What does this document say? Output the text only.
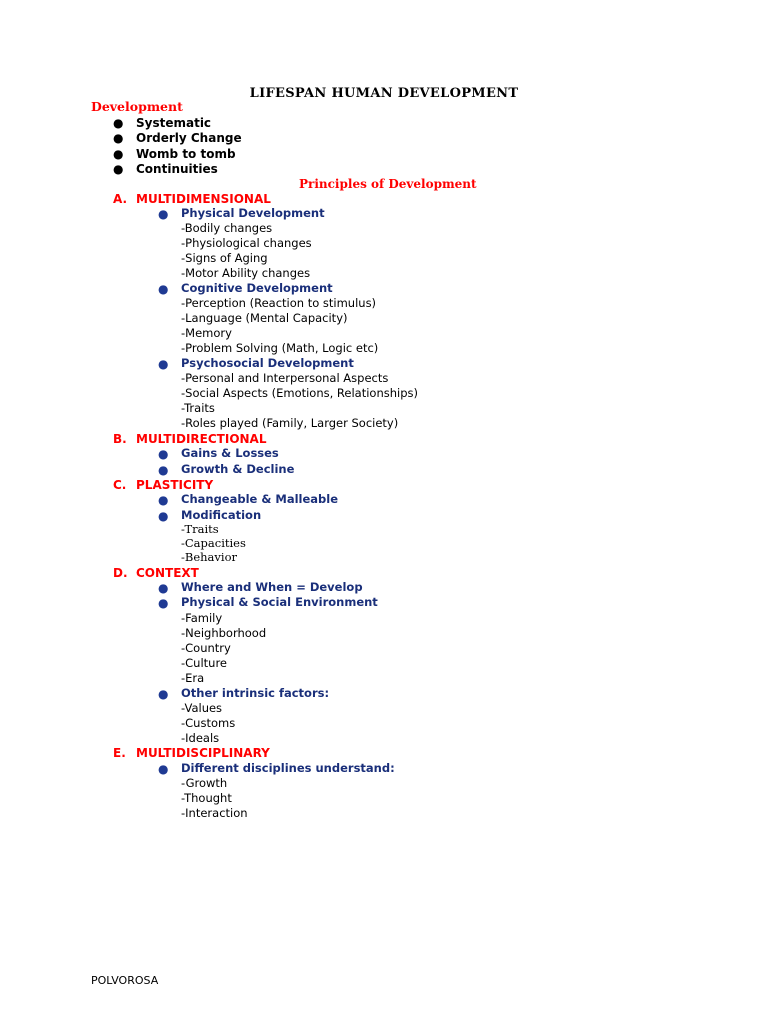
LIFESPAN HUMAN DEVELOPMENT
Development
● Systematic
● Orderly Change
● Womb to tomb
● Continuities
Principles of Development
A. MULTIDIMENSIONAL
● Physical Development
-Bodily changes
-Physiological changes
-Signs of Aging
-Motor Ability changes
● Cognitive Development
-Perception (Reaction to stimulus)
-Language (Mental Capacity)
-Memory
-Problem Solving (Math, Logic etc)
● Psychosocial Development
-Personal and Interpersonal Aspects
-Social Aspects (Emotions, Relationships)
-Traits
-Roles played (Family, Larger Society)
B. MULTIDIRECTIONAL
● Gains & Losses
● Growth & Decline
C. PLASTICITY
● Changeable & Malleable
● Modification
-Traits
-Capacities
-Behavior
D. CONTEXT
● Where and When = Develop
● Physical & Social Environment
-Family
-Neighborhood
-Country
-Culture
-Era
● Other intrinsic factors:
-Values
-Customs
-Ideals
E. MULTIDISCIPLINARY
● Different disciplines understand:
-Growth
-Thought
-Interaction
POLVOROSA
